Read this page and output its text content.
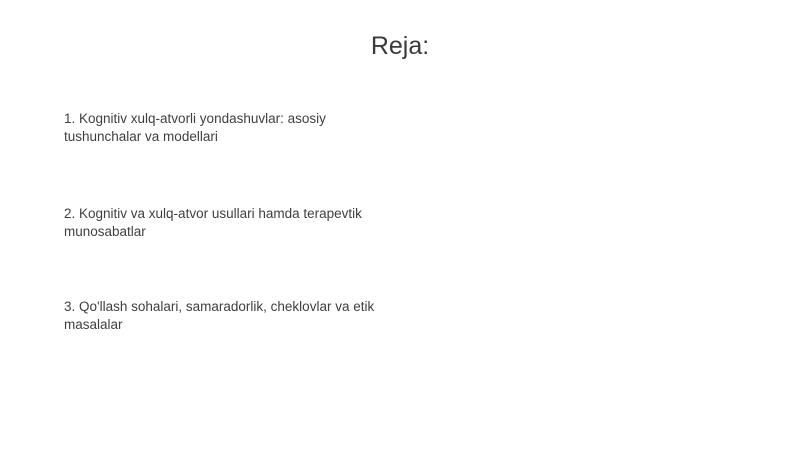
Reja:

1. Kognitiv xulq-atvorli yondashuvlar: asosiy tushunchalar va modellari

2. Kognitiv va xulq-atvor usullari hamda terapevtik munosabatlar

3. Qo'llash sohalari, samaradorlik, cheklovlar va etik masalalar
